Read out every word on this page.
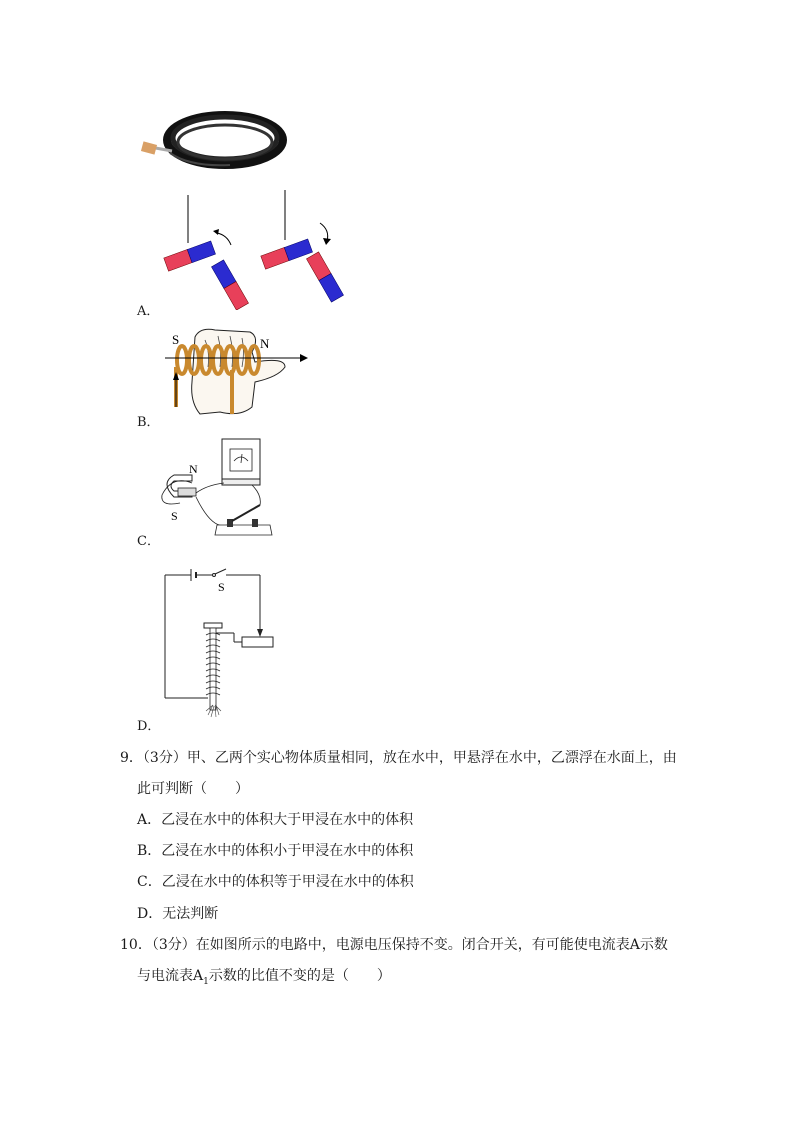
A．
S	N
B．
N
S
C．
S
D．
9．（3分）甲、乙两个实心物体质量相同，放在水中，甲悬浮在水中，乙漂浮在水面上，由
此可判断（　　）
A．乙浸在水中的体积大于甲浸在水中的体积
B．乙浸在水中的体积小于甲浸在水中的体积
C．乙浸在水中的体积等于甲浸在水中的体积
D．无法判断
10．（3分）在如图所示的电路中，电源电压保持不变。闭合开关，有可能使电流表A示数
与电流表$A_1$示数的比值不变的是（　　）
